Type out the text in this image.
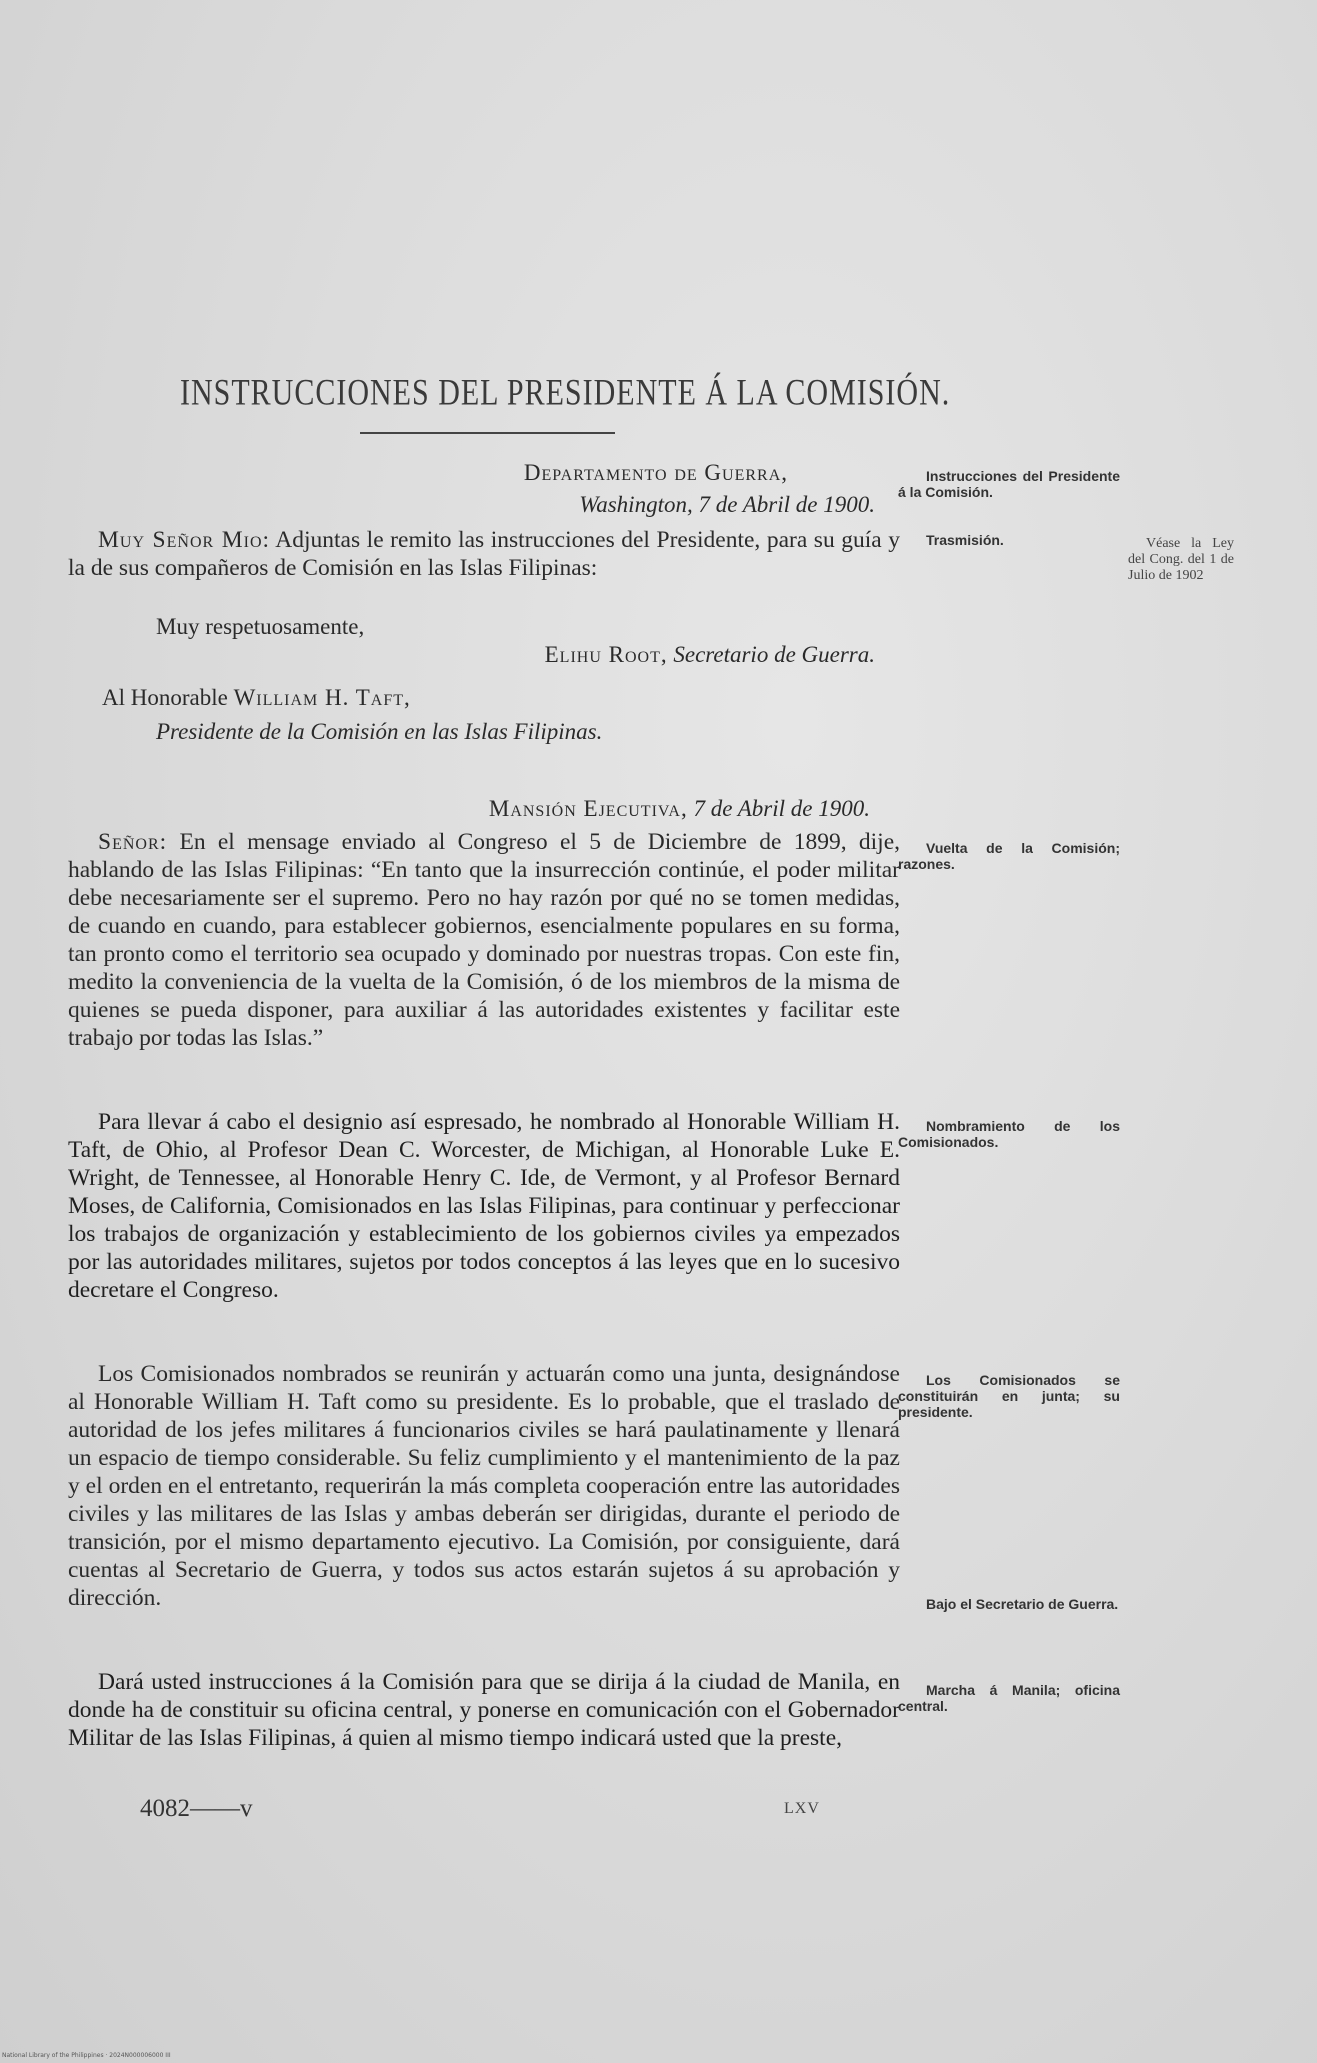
INSTRUCCIONES DEL PRESIDENTE Á LA COMISIÓN.
Departamento de Guerra,
Washington, 7 de Abril de 1900.

Muy Señor Mio: Adjuntas le remito las instrucciones del Presidente, para su guía y la de sus compañeros de Comisión en las Islas Filipinas:

Muy respetuosamente,
Elihu Root, Secretario de Guerra.
Al Honorable William H. Taft,
Presidente de la Comisión en las Islas Filipinas.
Mansión Ejecutiva, 7 de Abril de 1900.

Señor: En el mensage enviado al Congreso el 5 de Diciembre de 1899, dije, hablando de las Islas Filipinas: “En tanto que la insurrección continúe, el poder militar debe necesariamente ser el supremo. Pero no hay razón por qué no se tomen medidas, de cuando en cuando, para establecer gobiernos, esencialmente populares en su forma, tan pronto como el territorio sea ocupado y dominado por nuestras tropas. Con este fin, medito la conveniencia de la vuelta de la Comisión, ó de los miembros de la misma de quienes se pueda disponer, para auxiliar á las autoridades existentes y facilitar este trabajo por todas las Islas.”

Para llevar á cabo el designio así espresado, he nombrado al Honorable William H. Taft, de Ohio, al Profesor Dean C. Worcester, de Michigan, al Honorable Luke E. Wright, de Tennessee, al Honorable Henry C. Ide, de Vermont, y al Profesor Bernard Moses, de California, Comisionados en las Islas Filipinas, para continuar y perfeccionar los trabajos de organización y establecimiento de los gobiernos civiles ya empezados por las autoridades militares, sujetos por todos conceptos á las leyes que en lo sucesivo decretare el Congreso.

Los Comisionados nombrados se reunirán y actuarán como una junta, designándose al Honorable William H. Taft como su presidente. Es lo probable, que el traslado de autoridad de los jefes militares á funcionarios civiles se hará paulatinamente y llenará un espacio de tiempo considerable. Su feliz cumplimiento y el mantenimiento de la paz y el orden en el entretanto, requerirán la más completa cooperación entre las autoridades civiles y las militares de las Islas y ambas deberán ser dirigidas, durante el periodo de transición, por el mismo departamento ejecutivo. La Comisión, por consiguiente, dará cuentas al Secretario de Guerra, y todos sus actos estarán sujetos á su aprobación y dirección.

Dará usted instrucciones á la Comisión para que se dirija á la ciudad de Manila, en donde ha de constituir su oficina central, y ponerse en comunicación con el Gobernador Militar de las Islas Filipinas, á quien al mismo tiempo indicará usted que la preste,

Instrucciones del Presidente á la Comisión.
Trasmisión.
Vuelta de la Comisión; razones.
Nombramiento de los Comisionados.
Los Comisionados se constituirán en junta; su presidente.
Bajo el Secretario de Guerra.
Marcha á Manila; oficina central.
Véase la Ley del Cong. del 1 de Julio de 1902
4082——v	LXV
National Library of the Philippines · 2024N000006000 III
